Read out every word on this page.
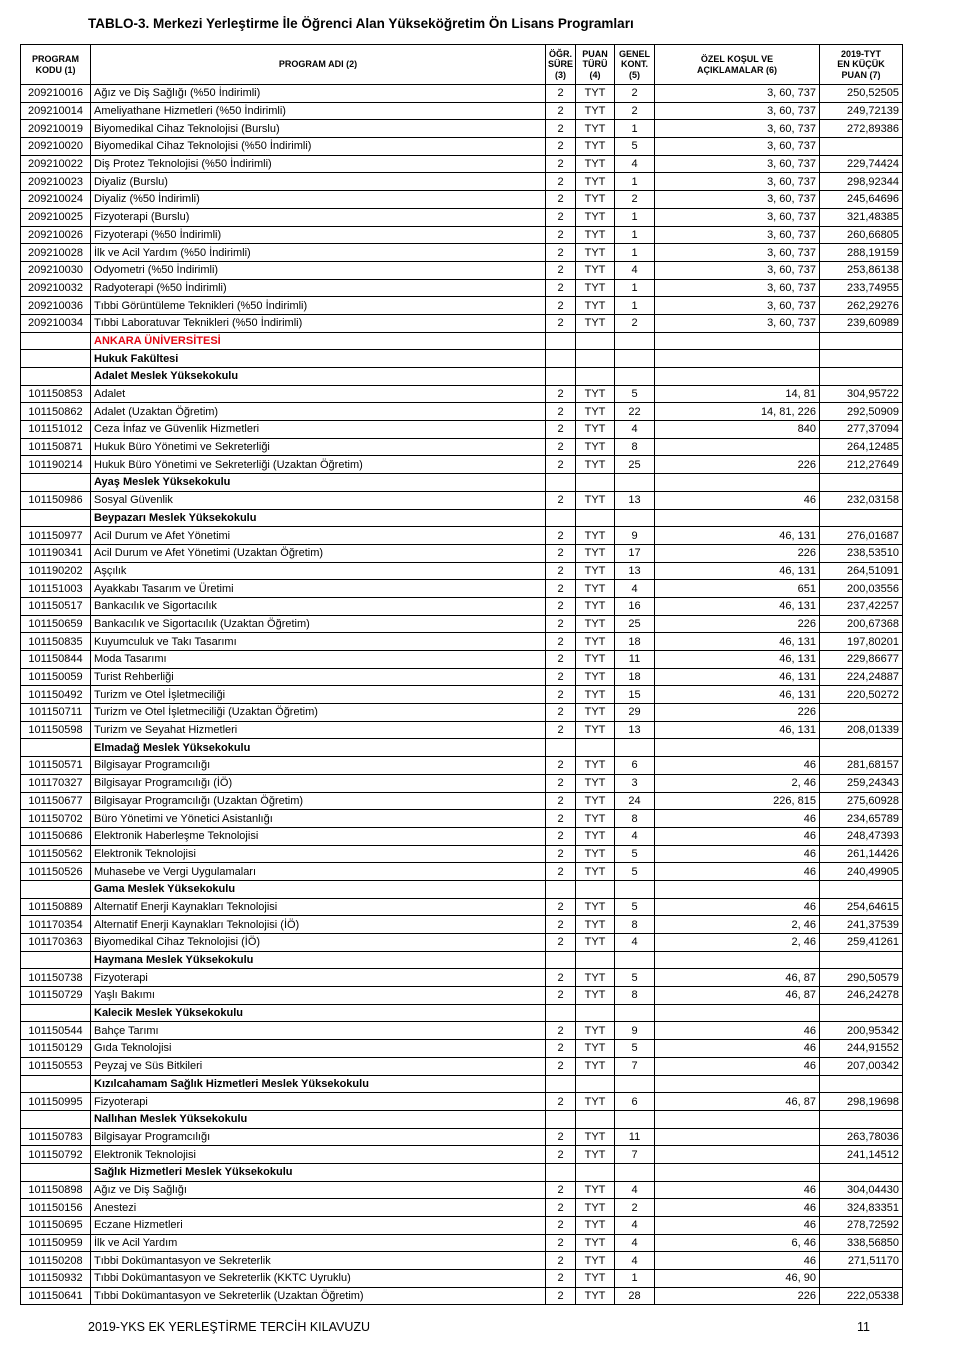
TABLO-3. Merkezi Yerleştirme İle Öğrenci Alan Yükseköğretim Ön Lisans Programları
PROGRAM
KODU (1)	PROGRAM ADI (2)	ÖĞR.
SÜRE
(3)	PUAN
TÜRÜ
(4)	GENEL
KONT.
(5)	ÖZEL KOŞUL VE
AÇIKLAMALAR (6)	2019-TYT
EN KÜÇÜK
PUAN (7)
209210016	Ağız ve Diş Sağlığı (%50 İndirimli)	2	TYT	2	3, 60, 737	250,52505
209210014	Ameliyathane Hizmetleri (%50 İndirimli)	2	TYT	2	3, 60, 737	249,72139
209210019	Biyomedikal Cihaz Teknolojisi (Burslu)	2	TYT	1	3, 60, 737	272,89386
209210020	Biyomedikal Cihaz Teknolojisi (%50 İndirimli)	2	TYT	5	3, 60, 737	
209210022	Diş Protez Teknolojisi (%50 İndirimli)	2	TYT	4	3, 60, 737	229,74424
209210023	Diyaliz (Burslu)	2	TYT	1	3, 60, 737	298,92344
209210024	Diyaliz (%50 İndirimli)	2	TYT	2	3, 60, 737	245,64696
209210025	Fizyoterapi (Burslu)	2	TYT	1	3, 60, 737	321,48385
209210026	Fizyoterapi (%50 İndirimli)	2	TYT	1	3, 60, 737	260,66805
209210028	İlk ve Acil Yardım (%50 İndirimli)	2	TYT	1	3, 60, 737	288,19159
209210030	Odyometri (%50 İndirimli)	2	TYT	4	3, 60, 737	253,86138
209210032	Radyoterapi (%50 İndirimli)	2	TYT	1	3, 60, 737	233,74955
209210036	Tıbbi Görüntüleme Teknikleri (%50 İndirimli)	2	TYT	1	3, 60, 737	262,29276
209210034	Tıbbi Laboratuvar Teknikleri (%50 İndirimli)	2	TYT	2	3, 60, 737	239,60989
	ANKARA ÜNİVERSİTESİ					
	Hukuk Fakültesi					
	Adalet Meslek Yüksekokulu					
101150853	Adalet	2	TYT	5	14, 81	304,95722
101150862	Adalet (Uzaktan Öğretim)	2	TYT	22	14, 81, 226	292,50909
101151012	Ceza İnfaz ve Güvenlik Hizmetleri	2	TYT	4	840	277,37094
101150871	Hukuk Büro Yönetimi ve Sekreterliği	2	TYT	8		264,12485
101190214	Hukuk Büro Yönetimi ve Sekreterliği (Uzaktan Öğretim)	2	TYT	25	226	212,27649
	Ayaş Meslek Yüksekokulu					
101150986	Sosyal Güvenlik	2	TYT	13	46	232,03158
	Beypazarı Meslek Yüksekokulu					
101150977	Acil Durum ve Afet Yönetimi	2	TYT	9	46, 131	276,01687
101190341	Acil Durum ve Afet Yönetimi (Uzaktan Öğretim)	2	TYT	17	226	238,53510
101190202	Aşçılık	2	TYT	13	46, 131	264,51091
101151003	Ayakkabı Tasarım ve Üretimi	2	TYT	4	651	200,03556
101150517	Bankacılık ve Sigortacılık	2	TYT	16	46, 131	237,42257
101150659	Bankacılık ve Sigortacılık (Uzaktan Öğretim)	2	TYT	25	226	200,67368
101150835	Kuyumculuk ve Takı Tasarımı	2	TYT	18	46, 131	197,80201
101150844	Moda Tasarımı	2	TYT	11	46, 131	229,86677
101150059	Turist Rehberliği	2	TYT	18	46, 131	224,24887
101150492	Turizm ve Otel İşletmeciliği	2	TYT	15	46, 131	220,50272
101150711	Turizm ve Otel İşletmeciliği (Uzaktan Öğretim)	2	TYT	29	226	
101150598	Turizm ve Seyahat Hizmetleri	2	TYT	13	46, 131	208,01339
	Elmadağ Meslek Yüksekokulu					
101150571	Bilgisayar Programcılığı	2	TYT	6	46	281,68157
101170327	Bilgisayar Programcılığı (İÖ)	2	TYT	3	2, 46	259,24343
101150677	Bilgisayar Programcılığı (Uzaktan Öğretim)	2	TYT	24	226, 815	275,60928
101150702	Büro Yönetimi ve Yönetici Asistanlığı	2	TYT	8	46	234,65789
101150686	Elektronik Haberleşme Teknolojisi	2	TYT	4	46	248,47393
101150562	Elektronik Teknolojisi	2	TYT	5	46	261,14426
101150526	Muhasebe ve Vergi Uygulamaları	2	TYT	5	46	240,49905
	Gama Meslek Yüksekokulu					
101150889	Alternatif Enerji Kaynakları Teknolojisi	2	TYT	5	46	254,64615
101170354	Alternatif Enerji Kaynakları Teknolojisi (İÖ)	2	TYT	8	2, 46	241,37539
101170363	Biyomedikal Cihaz Teknolojisi (İÖ)	2	TYT	4	2, 46	259,41261
	Haymana Meslek Yüksekokulu					
101150738	Fizyoterapi	2	TYT	5	46, 87	290,50579
101150729	Yaşlı Bakımı	2	TYT	8	46, 87	246,24278
	Kalecik Meslek Yüksekokulu					
101150544	Bahçe Tarımı	2	TYT	9	46	200,95342
101150129	Gıda Teknolojisi	2	TYT	5	46	244,91552
101150553	Peyzaj ve Süs Bitkileri	2	TYT	7	46	207,00342
	Kızılcahamam Sağlık Hizmetleri Meslek Yüksekokulu					
101150995	Fizyoterapi	2	TYT	6	46, 87	298,19698
	Nallıhan Meslek Yüksekokulu					
101150783	Bilgisayar Programcılığı	2	TYT	11		263,78036
101150792	Elektronik Teknolojisi	2	TYT	7		241,14512
	Sağlık Hizmetleri Meslek Yüksekokulu					
101150898	Ağız ve Diş Sağlığı	2	TYT	4	46	304,04430
101150156	Anestezi	2	TYT	2	46	324,83351
101150695	Eczane Hizmetleri	2	TYT	4	46	278,72592
101150959	İlk ve Acil Yardım	2	TYT	4	6, 46	338,56850
101150208	Tıbbi Dokümantasyon ve Sekreterlik	2	TYT	4	46	271,51170
101150932	Tıbbi Dokümantasyon ve Sekreterlik (KKTC Uyruklu)	2	TYT	1	46, 90	
101150641	Tıbbi Dokümantasyon ve Sekreterlik (Uzaktan Öğretim)	2	TYT	28	226	222,05338
2019-YKS EK YERLEŞTİRME TERCİH KILAVUZU	11
